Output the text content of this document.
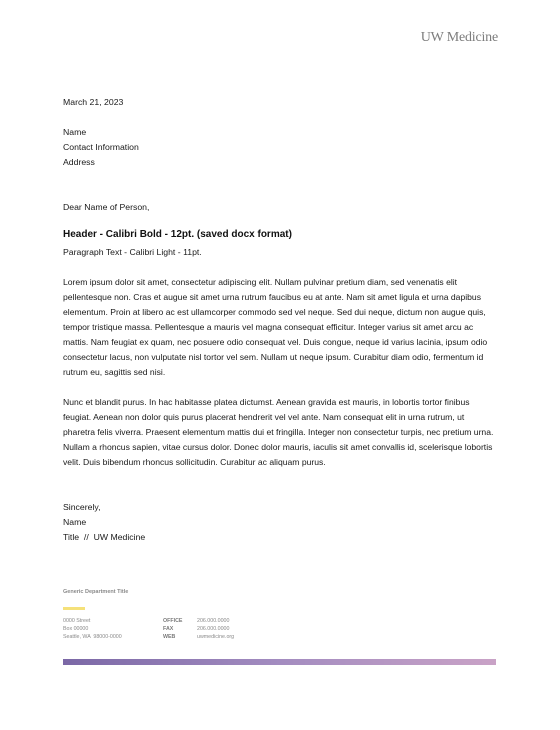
UW Medicine
March 21, 2023
Name
Contact Information
Address
Dear Name of Person,
Header - Calibri Bold - 12pt. (saved docx format)
Paragraph Text - Calibri Light - 11pt.
Lorem ipsum dolor sit amet, consectetur adipiscing elit. Nullam pulvinar pretium diam, sed venenatis elit pellentesque non. Cras et augue sit amet urna rutrum faucibus eu at ante. Nam sit amet ligula et urna dapibus elementum. Proin at libero ac est ullamcorper commodo sed vel neque. Sed dui neque, dictum non augue quis, tempor tristique massa. Pellentesque a mauris vel magna consequat efficitur. Integer varius sit amet arcu ac mattis. Nam feugiat ex quam, nec posuere odio consequat vel. Duis congue, neque id varius lacinia, ipsum odio consectetur lacus, non vulputate nisl tortor vel sem. Nullam ut neque ipsum. Curabitur diam odio, fermentum id rutrum eu, sagittis sed nisi.
Nunc et blandit purus. In hac habitasse platea dictumst. Aenean gravida est mauris, in lobortis tortor finibus feugiat. Aenean non dolor quis purus placerat hendrerit vel vel ante. Nam consequat elit in urna rutrum, ut pharetra felis viverra. Praesent elementum mattis dui et fringilla. Integer non consectetur turpis, nec pretium urna. Nullam a rhoncus sapien, vitae cursus dolor. Donec dolor mauris, iaculis sit amet convallis id, scelerisque lobortis velit. Duis bibendum rhoncus sollicitudin. Curabitur ac aliquam purus.
Sincerely,
Name
Title  //  UW Medicine
Generic Department Title
0000 Street
Box 00000
Seattle, WA  98000-0000
OFFICE
FAX
WEB
206.000.0000
206.000.0000
uwmedicine.org
